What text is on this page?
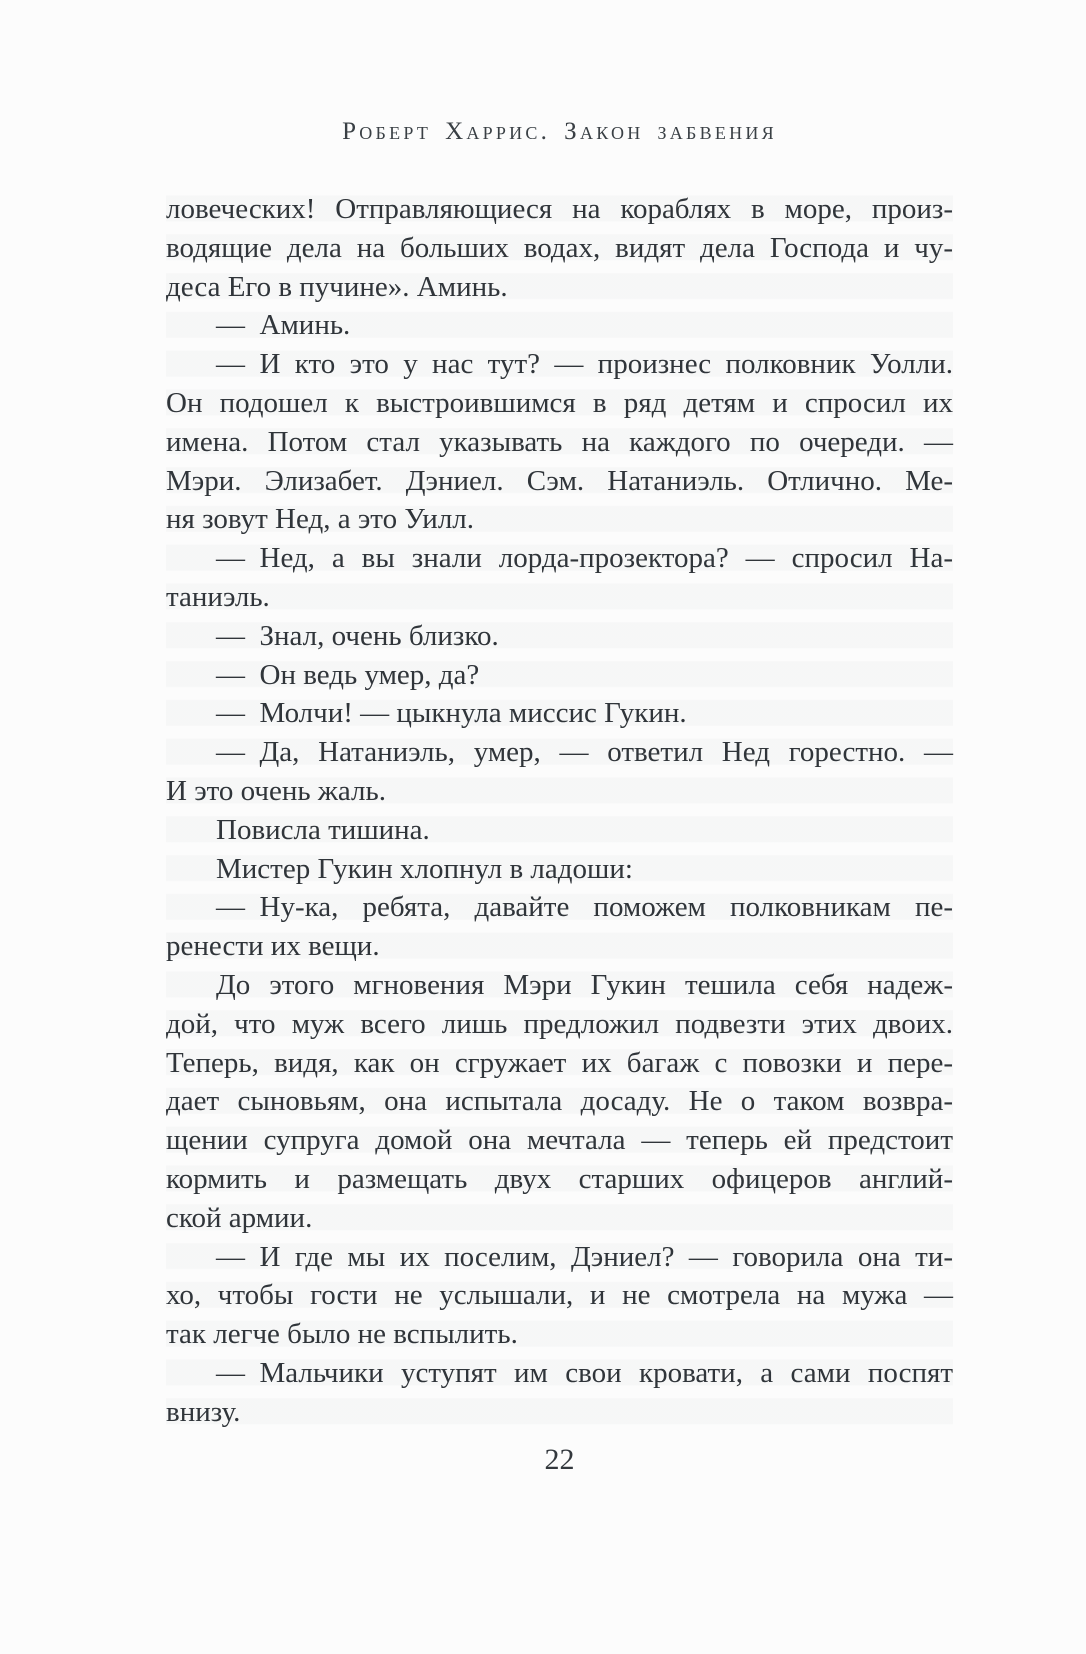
Роберт Харрис. Закон забвения
ловеческих! Отправляющиеся на кораблях в море, произ-
водящие дела на больших водах, видят дела Господа и чу-
деса Его в пучине». Аминь.
— Аминь.
— И кто это у нас тут? — произнес полковник Уолли.
Он подошел к выстроившимся в ряд детям и спросил их
имена. Потом стал указывать на каждого по очереди. —
Мэри. Элизабет. Дэниел. Сэм. Натаниэль. Отлично. Ме-
ня зовут Нед, а это Уилл.
— Нед, а вы знали лорда-прозектора? — спросил На-
таниэль.
— Знал, очень близко.
— Он ведь умер, да?
— Молчи! — цыкнула миссис Гукин.
— Да, Натаниэль, умер, — ответил Нед горестно. —
И это очень жаль.
Повисла тишина.
Мистер Гукин хлопнул в ладоши:
— Ну-ка, ребята, давайте поможем полковникам пе-
ренести их вещи.
До этого мгновения Мэри Гукин тешила себя надеж-
дой, что муж всего лишь предложил подвезти этих двоих.
Теперь, видя, как он сгружает их багаж с повозки и пере-
дает сыновьям, она испытала досаду. Не о таком возвра-
щении супруга домой она мечтала — теперь ей предстоит
кормить и размещать двух старших офицеров англий-
ской армии.
— И где мы их поселим, Дэниел? — говорила она ти-
хо, чтобы гости не услышали, и не смотрела на мужа —
так легче было не вспылить.
— Мальчики уступят им свои кровати, а сами поспят
внизу.
22
